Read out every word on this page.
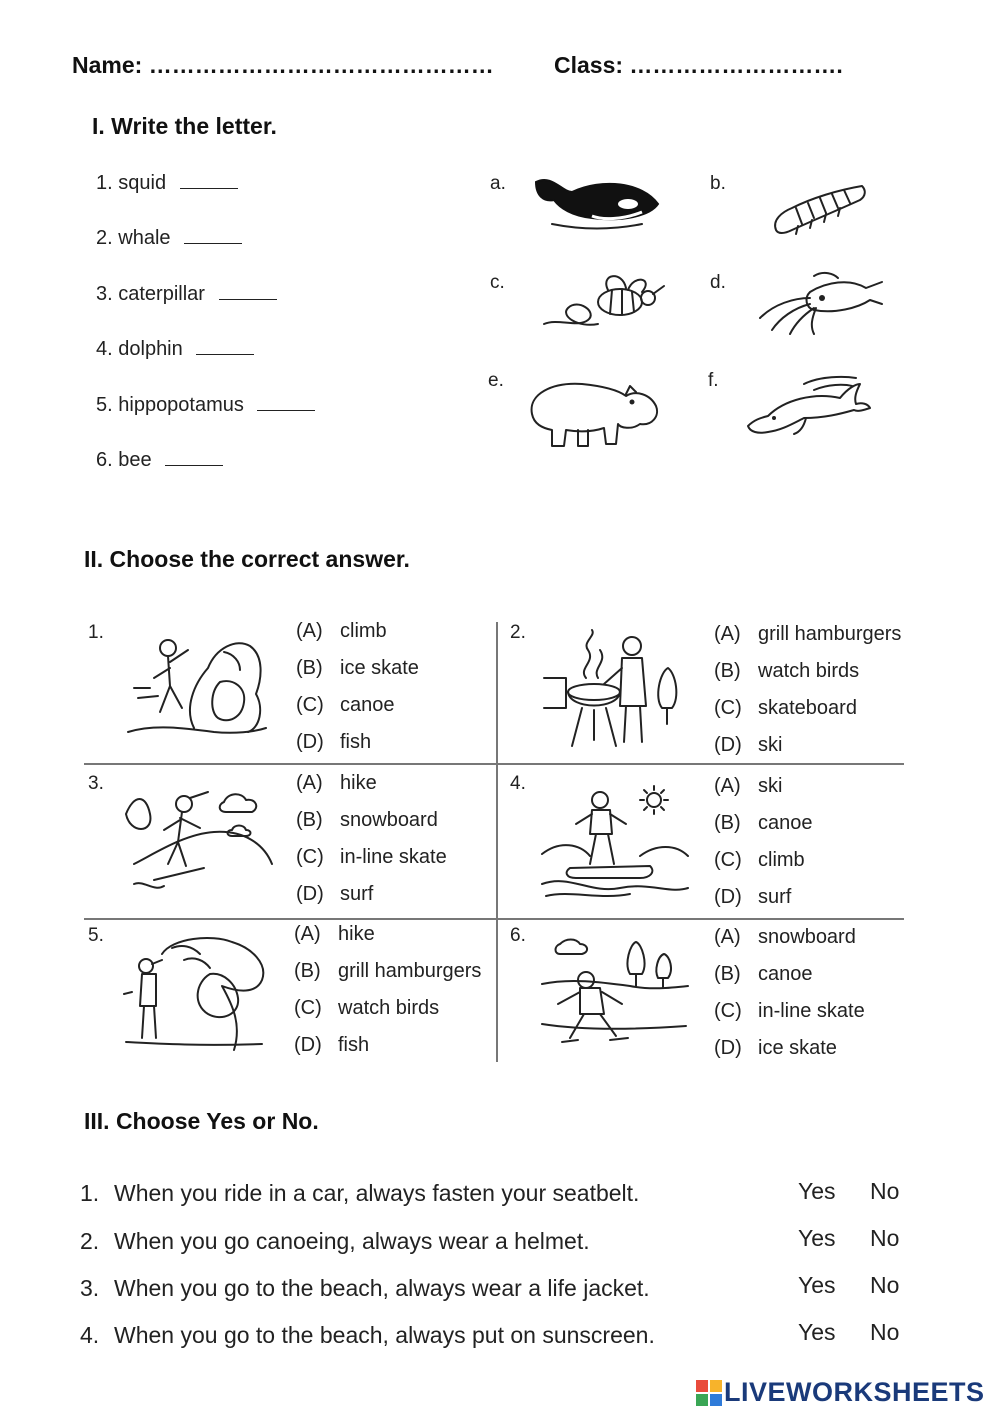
Name: ………………………………………	Class: ……………………….
I. Write the letter.
1. squid
2. whale
3. caterpillar
4. dolphin
5. hippopotamus
6. bee
a.	b.
c.	d.
e.	f.
II. Choose the correct answer.
1.	(A) climb
(B) ice skate
(C) canoe
(D) fish
2.	(A) grill hamburgers
(B) watch birds
(C) skateboard
(D) ski
3.	(A) hike
(B) snowboard
(C) in-line skate
(D) surf
4.	(A) ski
(B) canoe
(C) climb
(D) surf
5.	(A) hike
(B) grill hamburgers
(C) watch birds
(D) fish
6.	(A) snowboard
(B) canoe
(C) in-line skate
(D) ice skate
III. Choose Yes or No.
1. When you ride in a car, always fasten your seatbelt.	Yes No
2. When you go canoeing, always wear a helmet.	Yes No
3. When you go to the beach, always wear a life jacket.	Yes No
4. When you go to the beach, always put on sunscreen.	Yes No
LIVEWORKSHEETS
